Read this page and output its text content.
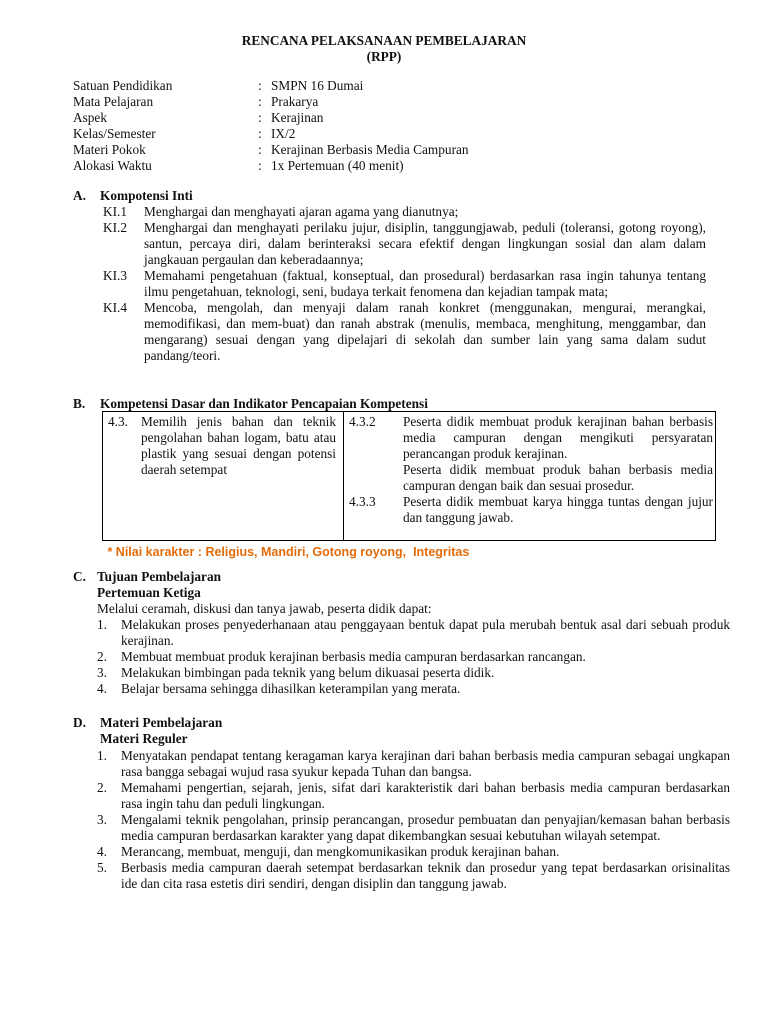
RENCANA PELAKSANAAN PEMBELAJARAN
(RPP)
Satuan Pendidikan	: SMPN 16 Dumai
Mata Pelajaran	: Prakarya
Aspek	: Kerajinan
Kelas/Semester	: IX/2
Materi Pokok	: Kerajinan Berbasis Media Campuran
Alokasi Waktu	: 1x Pertemuan (40 menit)
A. Kompotensi Inti
KI.1 Menghargai dan menghayati ajaran agama yang dianutnya;
KI.2 Menghargai dan menghayati perilaku jujur, disiplin, tanggungjawab, peduli (toleransi, gotong royong), santun, percaya diri, dalam berinteraksi secara efektif dengan lingkungan sosial dan alam dalam jangkauan pergaulan dan keberadaannya;
KI.3 Memahami pengetahuan (faktual, konseptual, dan prosedural) berdasarkan rasa ingin tahunya tentang ilmu pengetahuan, teknologi, seni, budaya terkait fenomena dan kejadian tampak mata;
KI.4 Mencoba, mengolah, dan menyaji dalam ranah konkret (menggunakan, mengurai, merangkai, memodifikasi, dan mem-buat) dan ranah abstrak (menulis, membaca, menghitung, menggambar, dan mengarang) sesuai dengan yang dipelajari di sekolah dan sumber lain yang sama dalam sudut pandang/teori.
B. Kompetensi Dasar dan Indikator Pencapaian Kompetensi
4.3. Memilih jenis bahan dan teknik pengolahan bahan logam, batu atau plastik yang sesuai dengan potensi daerah setempat

4.3.2 Peserta didik membuat produk kerajinan bahan berbasis media campuran dengan mengikuti persyaratan perancangan produk kerajinan.
Peserta didik membuat produk bahan berbasis media campuran dengan baik dan sesuai prosedur.
4.3.3 Peserta didik membuat karya hingga tuntas dengan jujur dan tanggung jawab.
* Nilai karakter : Religius, Mandiri, Gotong royong,  Integritas
C. Tujuan Pembelajaran
Pertemuan Ketiga
Melalui ceramah, diskusi dan tanya jawab, peserta didik dapat:
1. Melakukan proses penyederhanaan atau penggayaan bentuk dapat pula merubah bentuk asal dari sebuah produk kerajinan.
2. Membuat membuat produk kerajinan berbasis media campuran berdasarkan rancangan.
3. Melakukan bimbingan pada teknik yang belum dikuasai peserta didik.
4. Belajar bersama sehingga dihasilkan keterampilan yang merata.
D. Materi Pembelajaran
Materi Reguler
1. Menyatakan pendapat tentang keragaman karya kerajinan dari bahan berbasis media campuran sebagai ungkapan rasa bangga sebagai wujud rasa syukur kepada Tuhan dan bangsa.
2. Memahami pengertian, sejarah, jenis, sifat dari karakteristik dari bahan berbasis media campuran berdasarkan rasa ingin tahu dan peduli lingkungan.
3. Mengalami teknik pengolahan, prinsip perancangan, prosedur pembuatan dan penyajian/kemasan bahan berbasis media campuran berdasarkan karakter yang dapat dikembangkan sesuai kebutuhan wilayah setempat.
4. Merancang, membuat, menguji, dan mengkomunikasikan produk kerajinan bahan.
5. Berbasis media campuran daerah setempat berdasarkan teknik dan prosedur yang tepat berdasarkan orisinalitas ide dan cita rasa estetis diri sendiri, dengan disiplin dan tanggung jawab.
